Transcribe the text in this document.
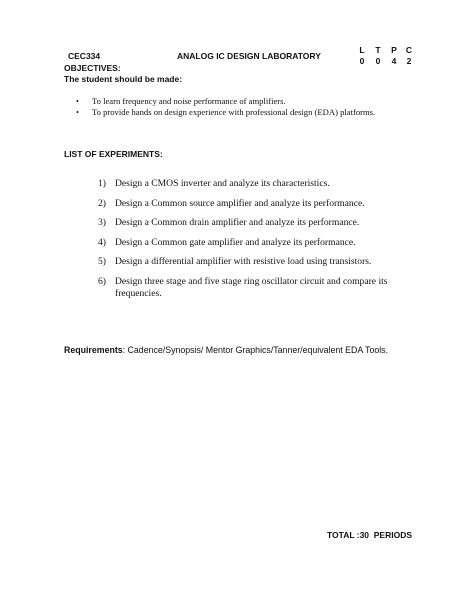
CEC334	ANALOG IC DESIGN LABORATORY
L	T	P	C
0	0	4	2
OBJECTIVES:
The student should be made:
• To learn frequency and noise performance of amplifiers.
• To provide hands on design experience with professional design (EDA) platforms.
LIST OF EXPERIMENTS:
1) Design a CMOS inverter and analyze its characteristics.
2) Design a Common source amplifier and analyze its performance.
3) Design a Common drain amplifier and analyze its performance.
4) Design a Common gate amplifier and analyze its performance.
5) Design a differential amplifier with resistive load using transistors.
6) Design three stage and five stage ring oscillator circuit and compare its frequencies.
Requirements: Cadence/Synopsis/ Mentor Graphics/Tanner/equivalent EDA Tools.
TOTAL :30  PERIODS
